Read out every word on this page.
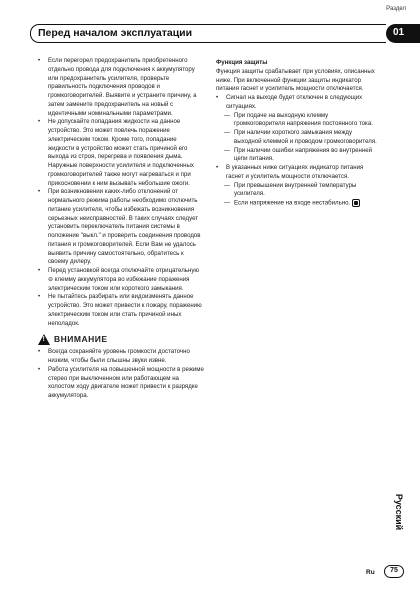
Раздел
Перед началом эксплуатации	01
• Если перегорел предохранитель приобретенного отдельно провода для подключения к аккумулятору или предохранитель усилителя, проверьте правильность подключения проводов и громкоговорителей. Выявите и устраните причину, а затем замените предохранитель на новый с идентичными номинальными параметрами.

• Не допускайте попадания жидкости на данное устройство. Это может повлечь поражение электрическим током. Кроме того, попадание жидкости в устройство может стать причиной его выхода из строя, перегрева и появления дыма.

Наружные поверхности усилителя и подключенных громкоговорителей также могут нагреваться и при прикосновении к ним вызывать небольшие ожоги.

• При возникновении каких-либо отклонений от нормального режима работы необходимо отключить питание усилителя, чтобы избежать возникновения серьезных неисправностей. В таких случаях следует установить переключатель питания системы в положение "выкл." и проверить соединения проводов питания и громкоговорителей. Если Вам не удалось выявить причину самостоятельно, обратитесь к своему дилеру.

• Перед установкой всегда отключайте отрицательную ⊖ клемму аккумулятора во избежание поражения электрическим током или короткого замыкания.

• Не пытайтесь разбирать или видоизменять данное устройство. Это может привести к пожару, поражению электрическим током или стать причиной иных неполадок.

! ВНИМАНИЕ
• Всегда сохраняйте уровень громкости достаточно низким, чтобы были слышны звуки извне.

• Работа усилителя на повышенной мощности в режиме стерео при выключенном или работающем на холостом ходу двигателе может привести к разрядке аккумулятора.

Функция защиты

Функция защиты срабатывает при условиях, описанных ниже. При включенной функции защиты индикатор питания гаснет и усилитель мощности отключается.

• Сигнал на выходе будет отключен в следующих ситуациях.

— При подаче на выходную клемму громкоговорителя напряжения постоянного тока.

— При наличии короткого замыкания между выходной клеммой и проводом громкоговорителя.

— При наличии ошибки напряжения во внутренней цепи питания.

• В указанных ниже ситуациях индикатор питания гаснет и усилитель мощности отключается.

— При превышении внутренней температуры усилителя.

— Если напряжение на входе нестабильно.

Русский
Ru	75
